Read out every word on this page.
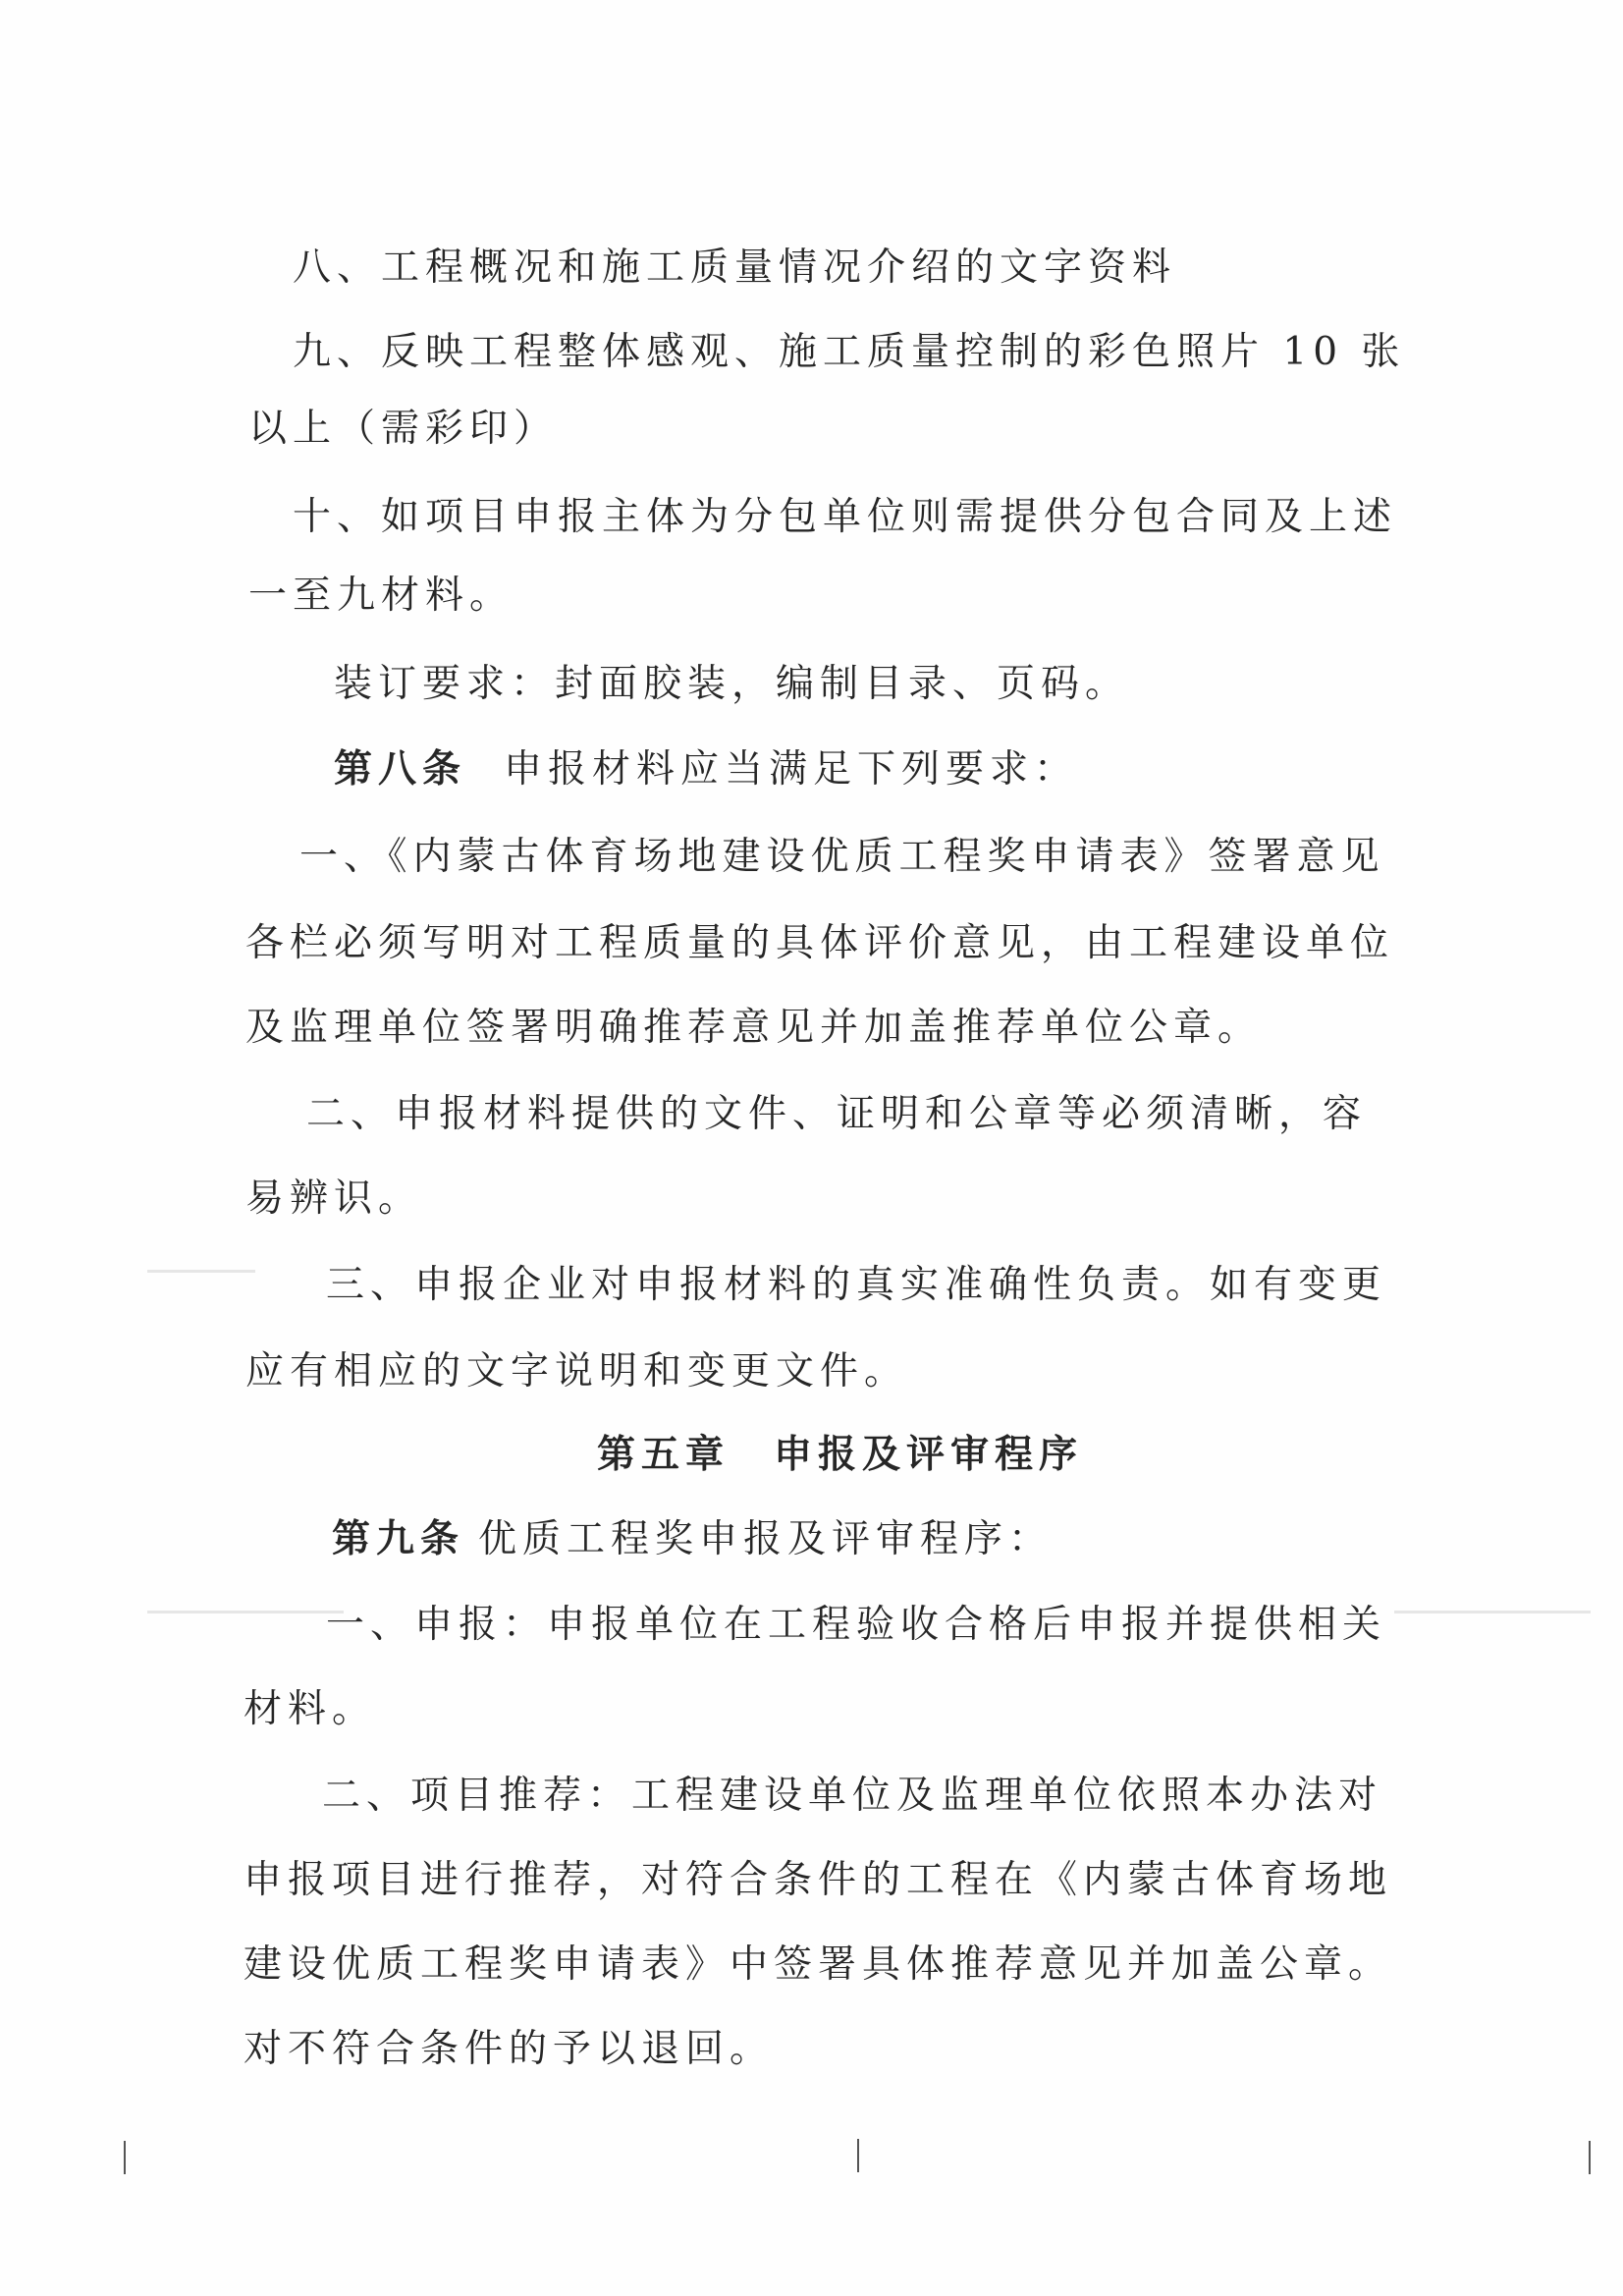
八、工程概况和施工质量情况介绍的文字资料
九、反映工程整体感观、施工质量控制的彩色照片 10 张
以上（需彩印）
十、如项目申报主体为分包单位则需提供分包合同及上述
一至九材料。
装订要求：封面胶装，编制目录、页码。
第八条 申报材料应当满足下列要求：
一、《内蒙古体育场地建设优质工程奖申请表》签署意见
各栏必须写明对工程质量的具体评价意见，由工程建设单位
及监理单位签署明确推荐意见并加盖推荐单位公章。
二、申报材料提供的文件、证明和公章等必须清晰，容
易辨识。
三、申报企业对申报材料的真实准确性负责。如有变更
应有相应的文字说明和变更文件。
第五章　申报及评审程序
第九条 优质工程奖申报及评审程序：
一、申报：申报单位在工程验收合格后申报并提供相关
材料。
二、项目推荐：工程建设单位及监理单位依照本办法对
申报项目进行推荐，对符合条件的工程在《内蒙古体育场地
建设优质工程奖申请表》中签署具体推荐意见并加盖公章。
对不符合条件的予以退回。
